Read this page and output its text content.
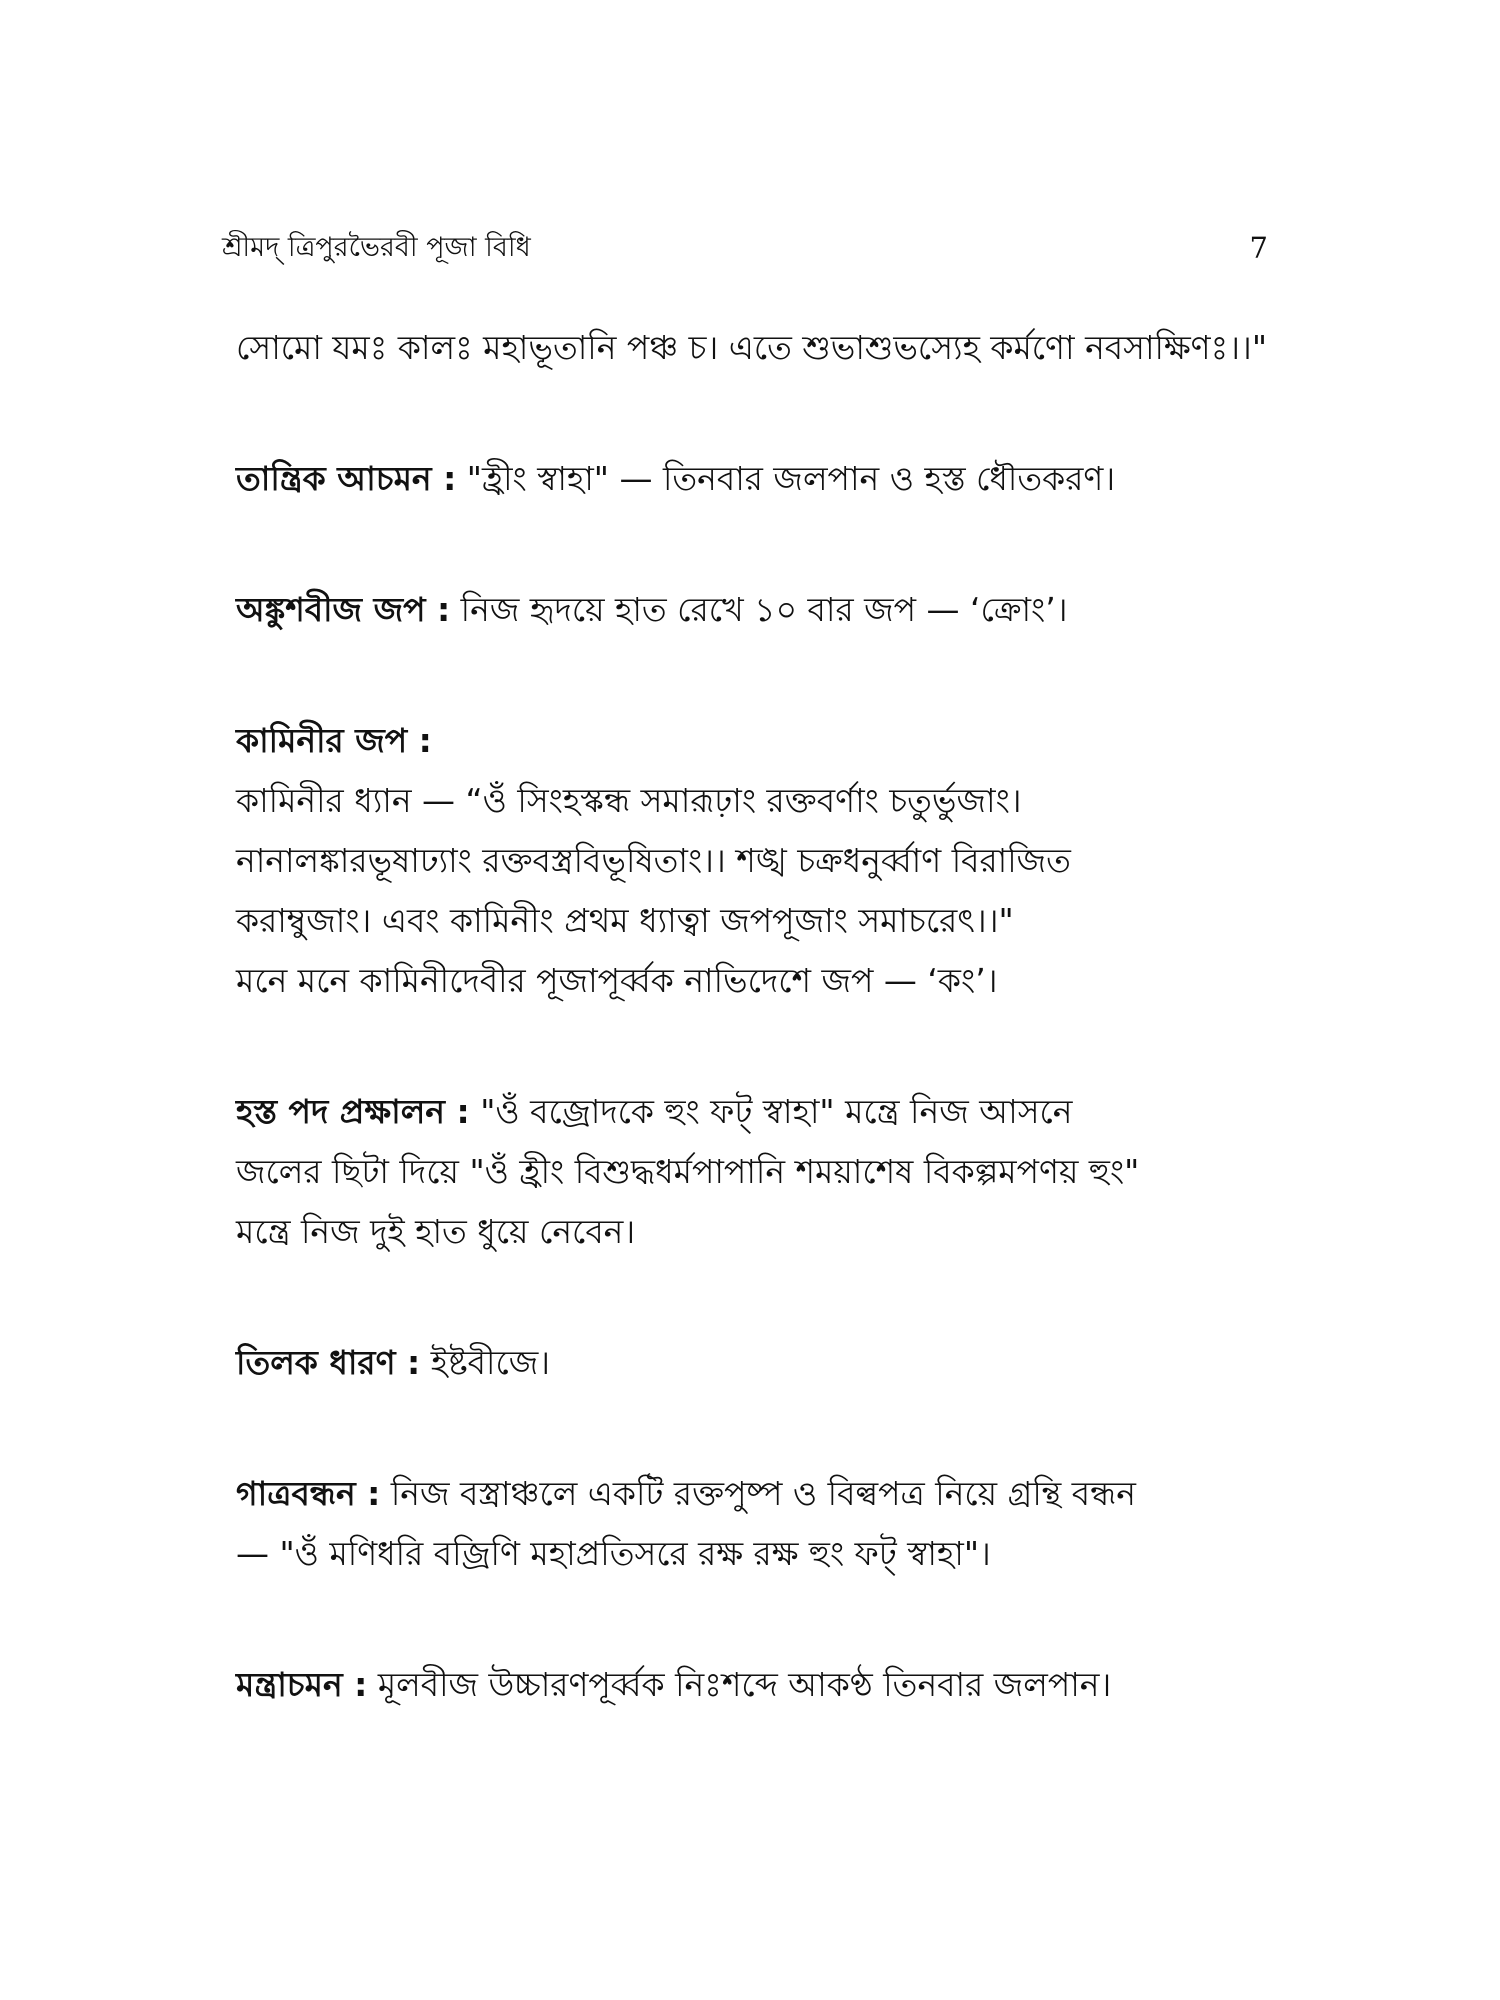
শ্রীমদ্ ত্রিপুরভৈরবী পূজা বিধি	7

সোমো যমঃ কালঃ মহাভূতানি পঞ্চ চ। এতে শুভাশুভস্যেহ কর্মণো নবসাক্ষিণঃ।।"

তান্ত্রিক আচমন : "হ্রীং স্বাহা" — তিনবার জলপান ও হস্ত ধৌতকরণ।

অঙ্কুশবীজ জপ : নিজ হৃদয়ে হাত রেখে ১০ বার জপ — ‘ক্রোং’।

কামিনীর জপ :
কামিনীর ধ্যান — “ওঁ সিংহস্কন্ধ সমারূঢ়াং রক্তবর্ণাং চতুর্ভুজাং।
নানালঙ্কারভূষাঢ্যাং রক্তবস্ত্রবিভূষিতাং।। শঙ্খ চক্রধনুর্ব্বাণ বিরাজিত
করাম্বুজাং। এবং কামিনীং প্রথম ধ্যাত্বা জপপূজাং সমাচরেৎ।।"
মনে মনে কামিনীদেবীর পূজাপূর্ব্বক নাভিদেশে জপ — ‘কং’।

হস্ত পদ প্রক্ষালন : "ওঁ বজ্রোদকে হুং ফট্ স্বাহা" মন্ত্রে নিজ আসনে
জলের ছিটা দিয়ে "ওঁ হ্রীং বিশুদ্ধধর্মপাপানি শময়াশেষ বিকল্পমপণয় হুং"
মন্ত্রে নিজ দুই হাত ধুয়ে নেবেন।

তিলক ধারণ : ইষ্টবীজে।

গাত্রবন্ধন : নিজ বস্ত্রাঞ্চলে একটি রক্তপুষ্প ও বিল্বপত্র নিয়ে গ্রন্থি বন্ধন
— "ওঁ মণিধরি বজ্রিণি মহাপ্রতিসরে রক্ষ রক্ষ হুং ফট্ স্বাহা"।

মন্ত্রাচমন : মূলবীজ উচ্চারণপূর্ব্বক নিঃশব্দে আকণ্ঠ তিনবার জলপান।
